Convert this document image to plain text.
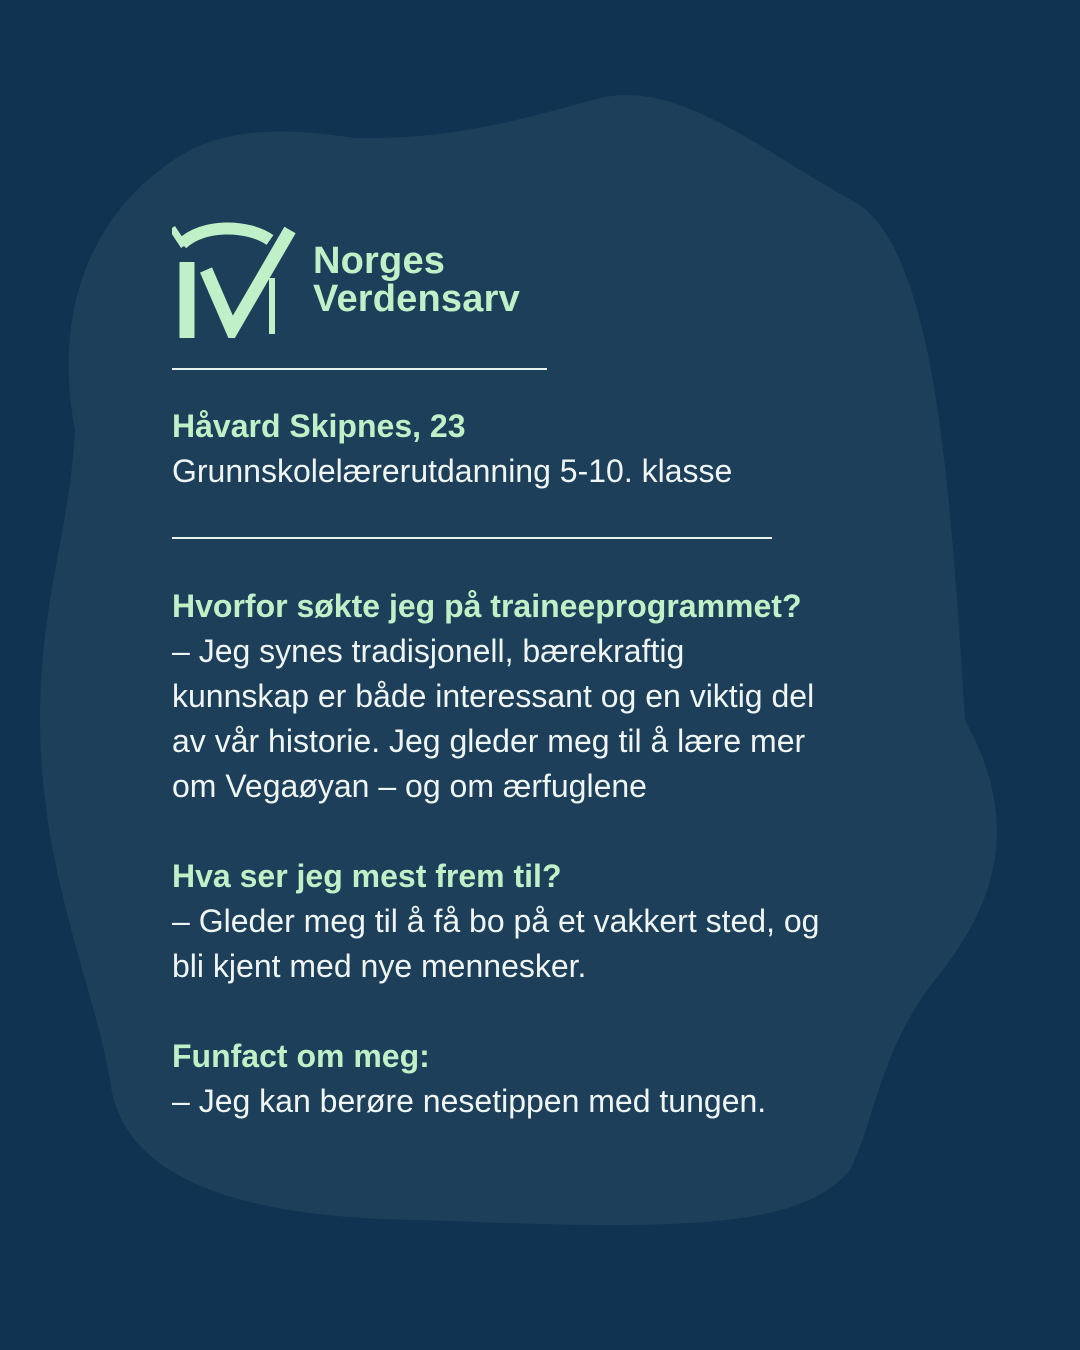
Norges
Verdensarv
Håvard Skipnes, 23
Grunnskolelærerutdanning 5-10. klasse
Hvorfor søkte jeg på traineeprogrammet?
– Jeg synes tradisjonell, bærekraftig
kunnskap er både interessant og en viktig del
av vår historie. Jeg gleder meg til å lære mer
om Vegaøyan – og om ærfuglene
Hva ser jeg mest frem til?
– Gleder meg til å få bo på et vakkert sted, og
bli kjent med nye mennesker.
Funfact om meg:
– Jeg kan berøre nesetippen med tungen.
